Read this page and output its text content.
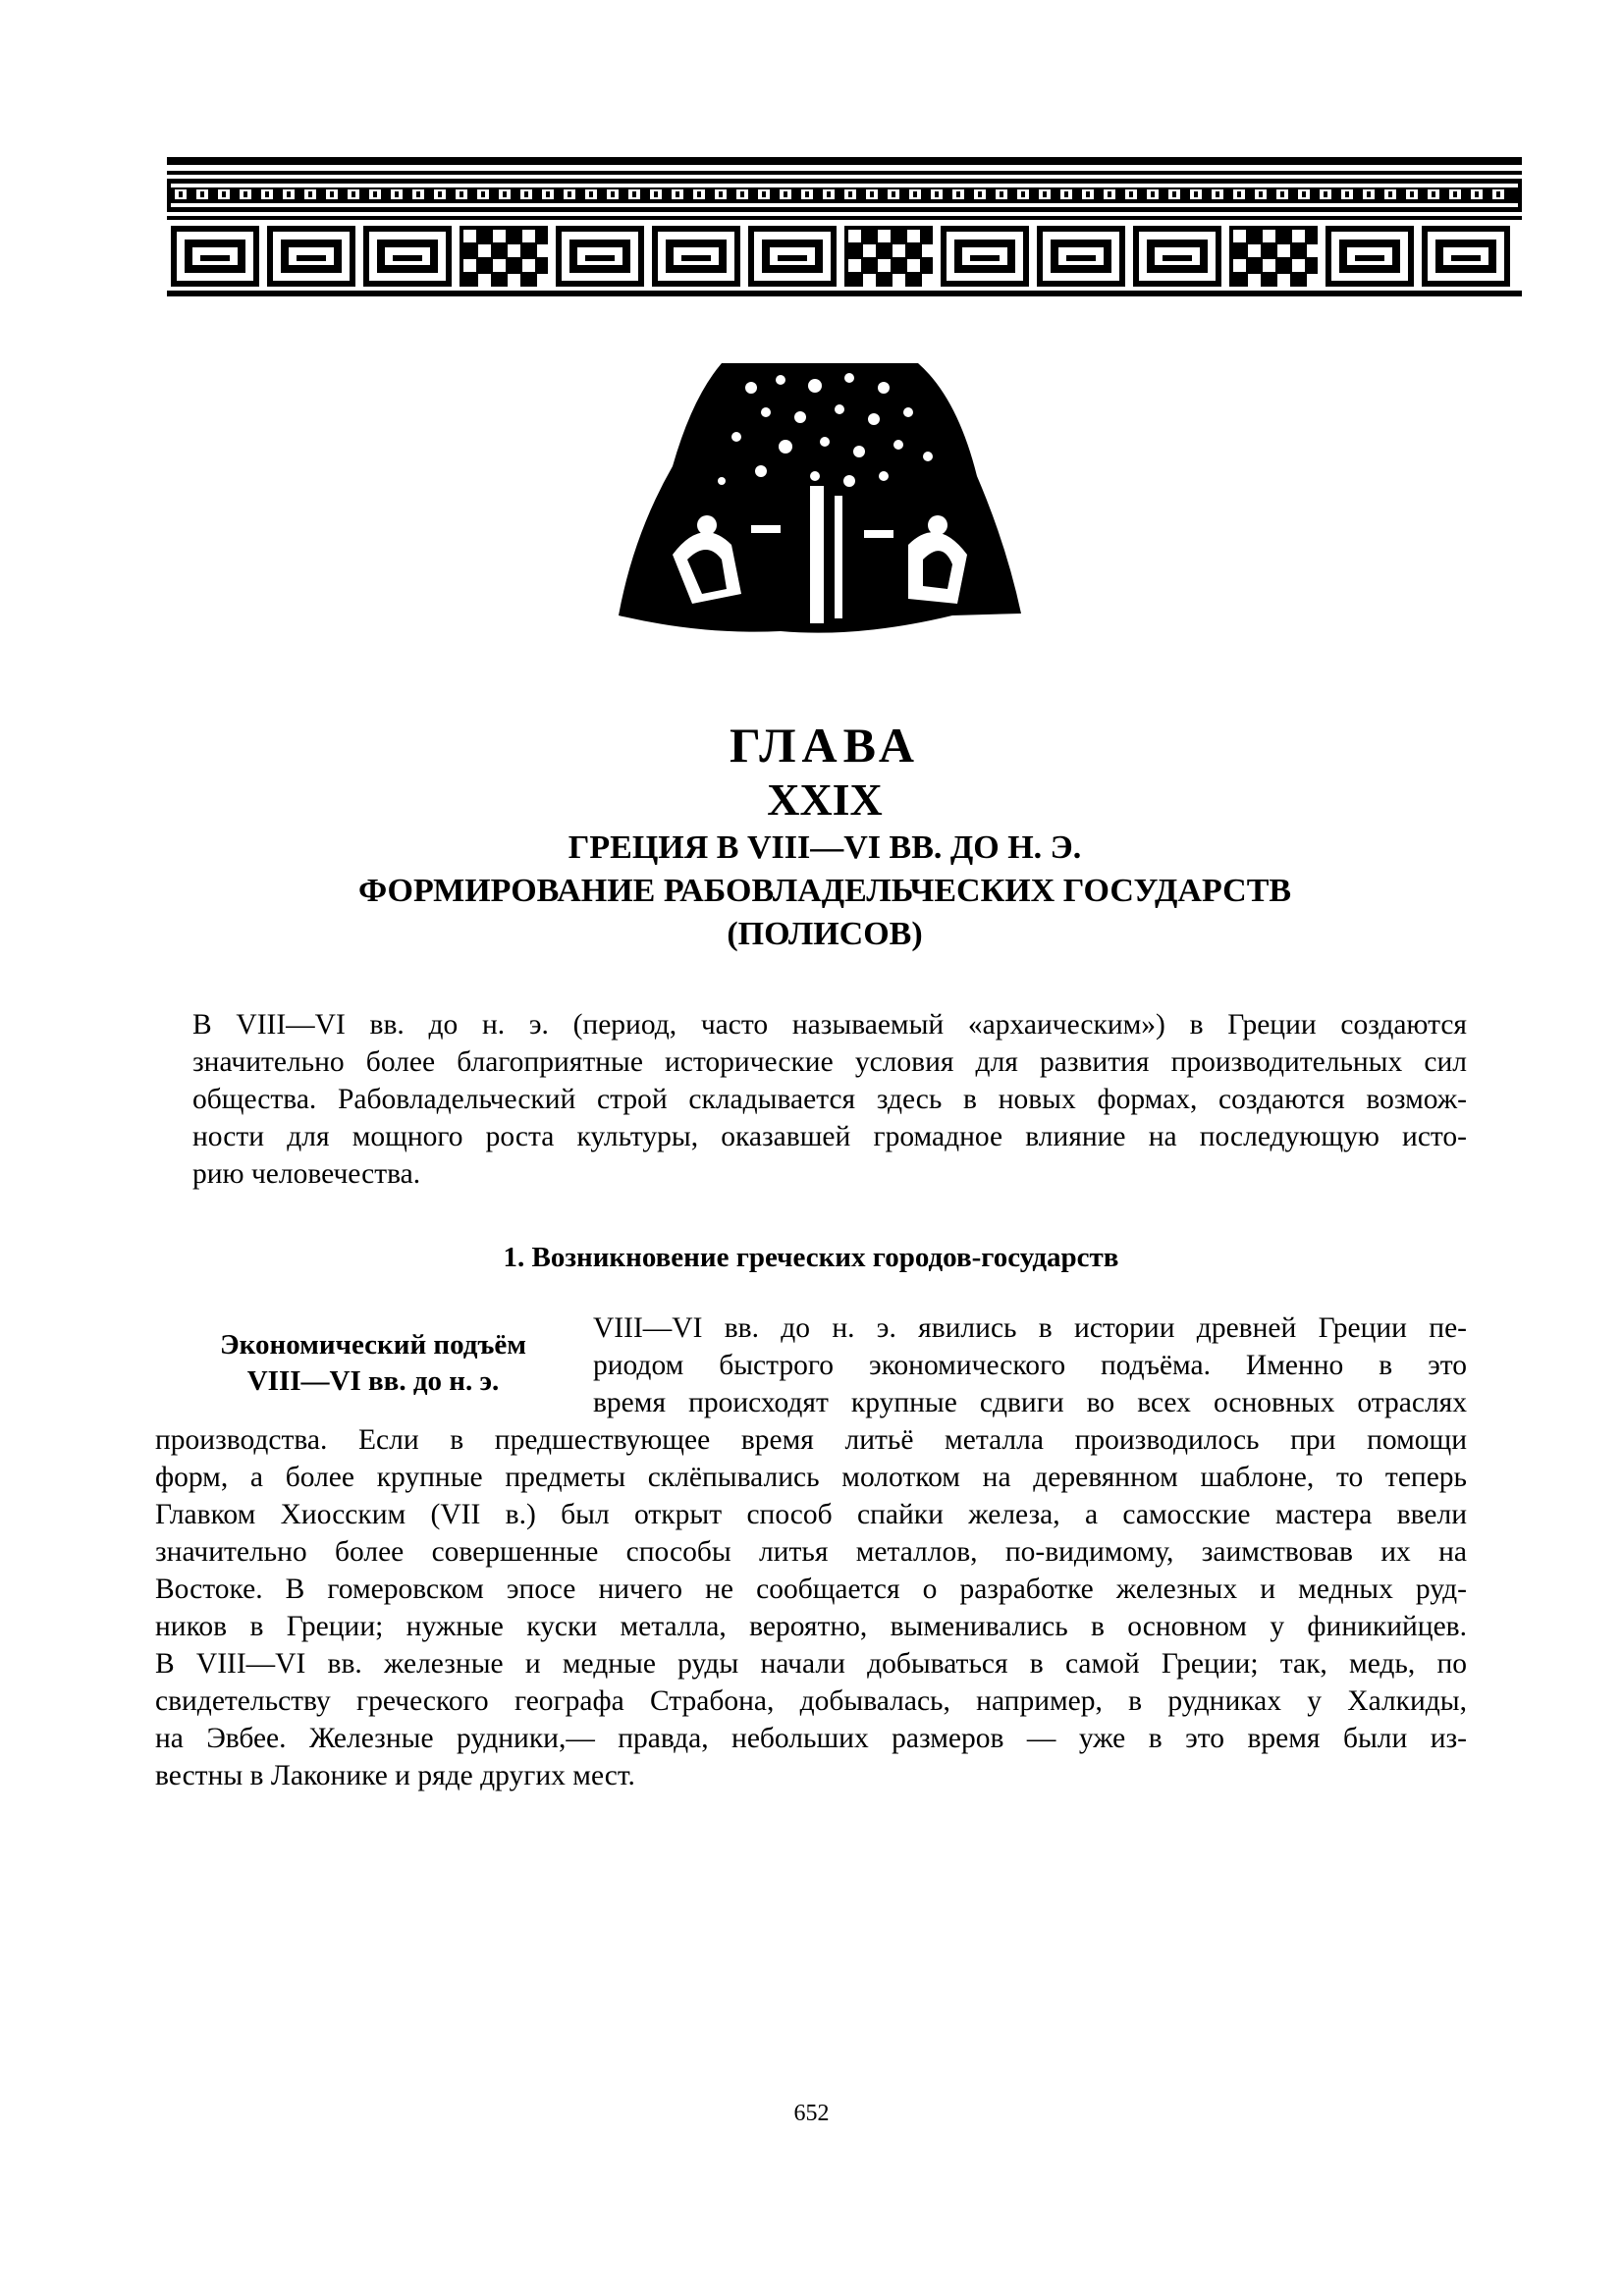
ГЛАВА
XXIX
ГРЕЦИЯ В VIII—VI ВВ. ДО Н. Э.
ФОРМИРОВАНИЕ РАБОВЛАДЕЛЬЧЕСКИХ ГОСУДАРСТВ
(ПОЛИСОВ)
В VIII—VI вв. до н. э. (период, часто называемый «архаическим») в Греции создаются
значительно более благоприятные исторические условия для развития производительных сил
общества. Рабовладельческий строй складывается здесь в новых формах, создаются возмож-
ности для мощного роста культуры, оказавшей громадное влияние на последующую исто-
рию человечества.
1. Возникновение греческих городов-государств
Экономический подъём
VIII—VI вв. до н. э.
VIII—VI вв. до н. э. явились в истории древней Греции пе-
риодом быстрого экономического подъёма. Именно в это
время происходят крупные сдвиги во всех основных отраслях
производства. Если в предшествующее время литьё металла производилось при помощи
форм, а более крупные предметы склёпывались молотком на деревянном шаблоне, то теперь
Главком Хиосским (VII в.) был открыт способ спайки железа, а самосские мастера ввели
значительно более совершенные способы литья металлов, по-видимому, заимствовав их на
Востоке. В гомеровском эпосе ничего не сообщается о разработке железных и медных руд-
ников в Греции; нужные куски металла, вероятно, выменивались в основном у финикийцев.
В VIII—VI вв. железные и медные руды начали добываться в самой Греции; так, медь, по
свидетельству греческого географа Страбона, добывалась, например, в рудниках у Халкиды,
на Эвбее. Железные рудники,— правда, небольших размеров — уже в это время были из-
вестны в Лаконике и ряде других мест.
652
